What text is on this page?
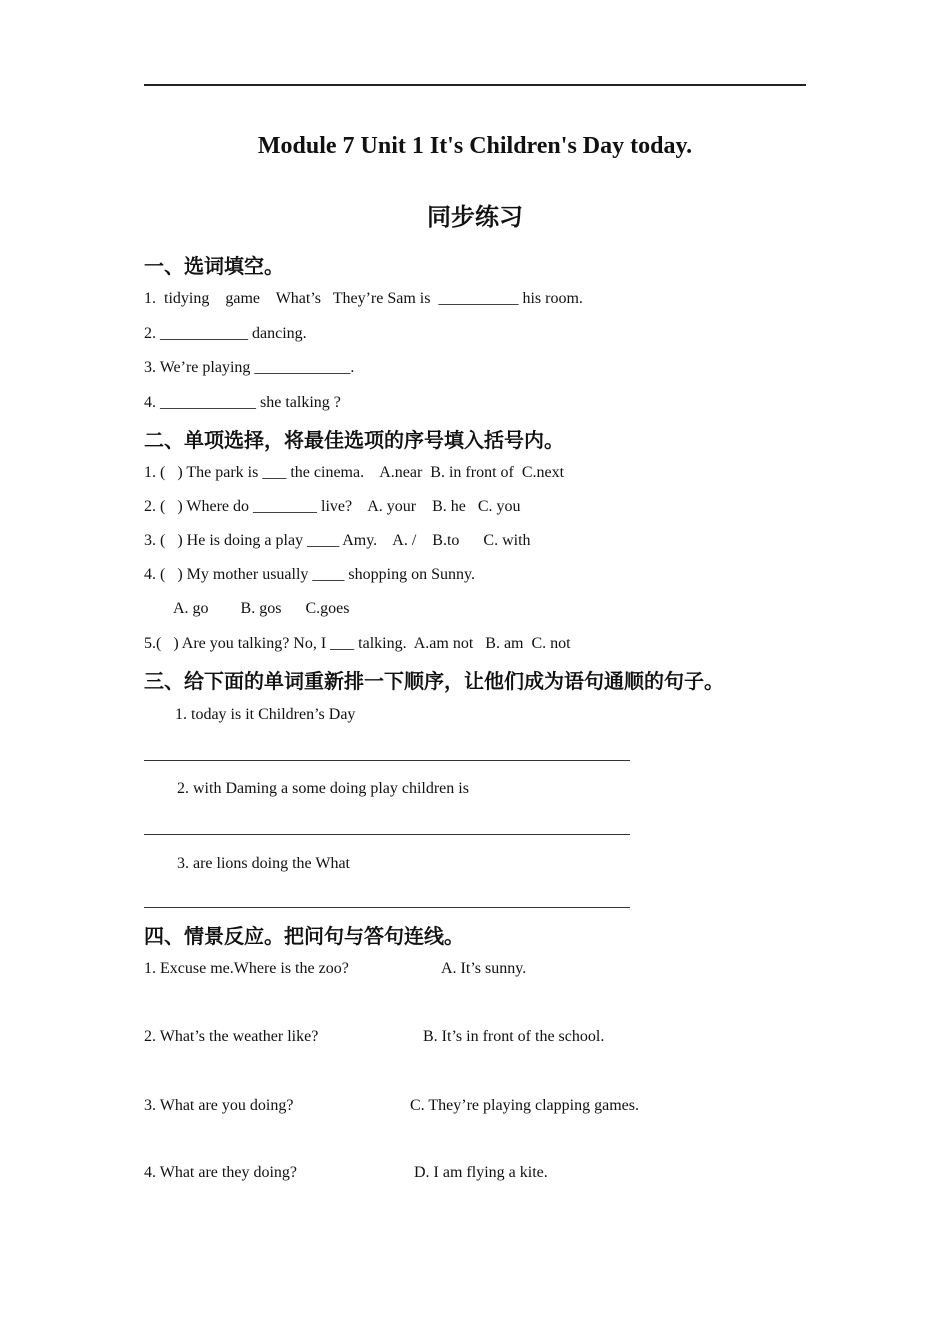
Module 7 Unit 1 It's Children's Day today.
同步练习
一、选词填空。
1.  tidying    game    What’s   They’re Sam is  __________ his room.
2. ___________ dancing.
3. We’re playing ____________.
4. ____________ she talking ?
二、单项选择，将最佳选项的序号填入括号内。
1. (   ) The park is ___ the cinema.    A.near  B. in front of  C.next
2. (   ) Where do ________ live?    A. your    B. he   C. you
3. (   ) He is doing a play ____ Amy.    A. /    B.to      C. with
4. (   ) My mother usually ____ shopping on Sunny.
A. go        B. gos      C.goes
5.(   ) Are you talking? No, I ___ talking.  A.am not   B. am  C. not
三、给下面的单词重新排一下顺序，让他们成为语句通顺的句子。
1. today is it Children’s Day
2. with Daming a some doing play children is
3. are lions doing the What
四、情景反应。把问句与答句连线。
1. Excuse me.Where is the zoo?	A. It’s sunny.
2. What’s the weather like?	B. It’s in front of the school.
3. What are you doing?	C. They’re playing clapping games.
4. What are they doing?	D. I am flying a kite.
